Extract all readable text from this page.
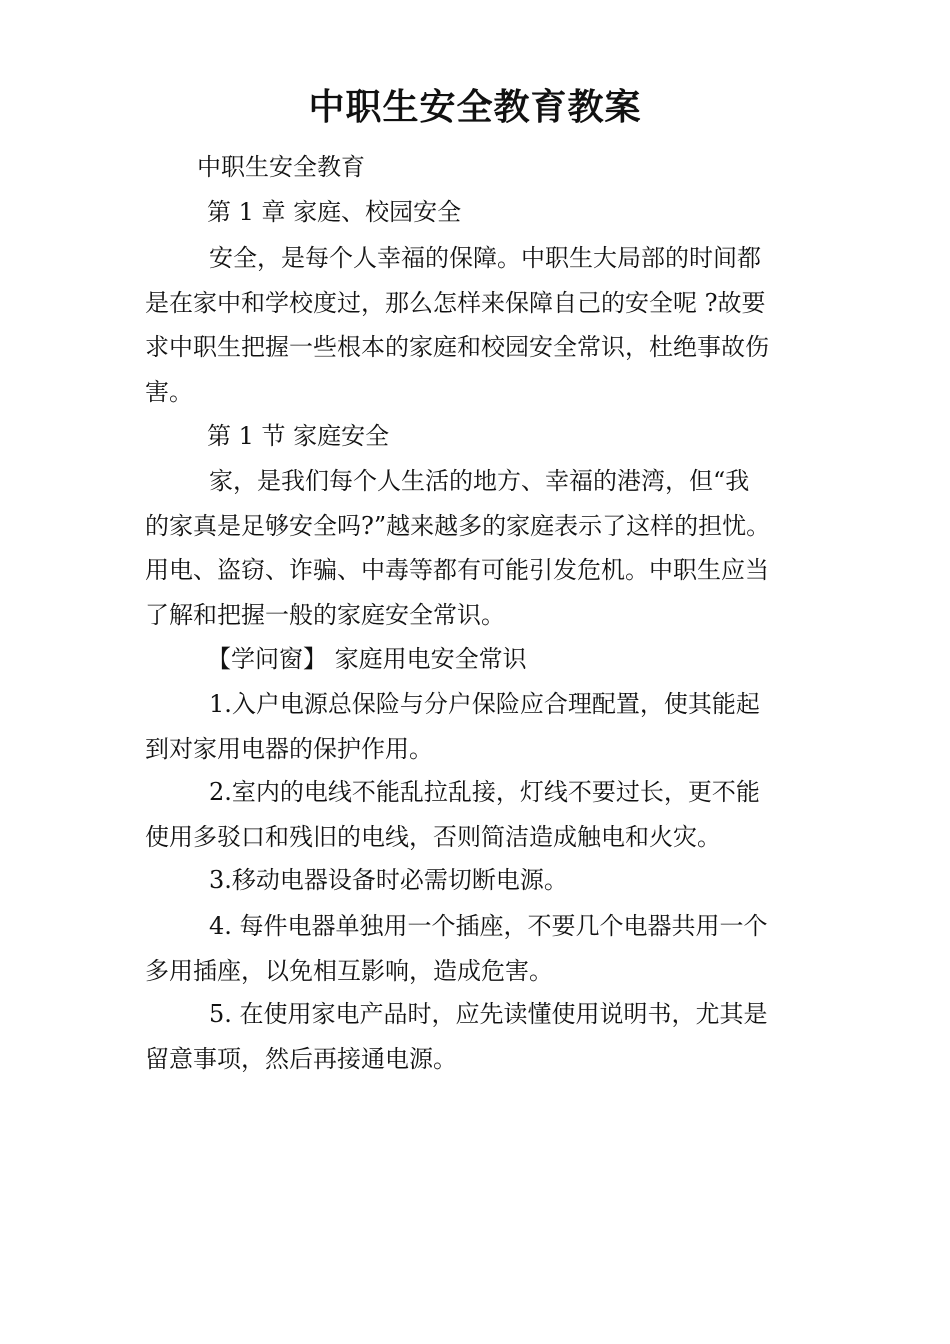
中职生安全教育教案
中职生安全教育
第 1 章 家庭、校园安全
安全，是每个人幸福的保障。中职生大局部的时间都
是在家中和学校度过，那么怎样来保障自己的安全呢 ?故要
求中职生把握一些根本的家庭和校园安全常识，杜绝事故伤
害。
第 1 节 家庭安全
家，是我们每个人生活的地方、幸福的港湾，但“我
的家真是足够安全吗?”越来越多的家庭表示了这样的担忧。
用电、盗窃、诈骗、中毒等都有可能引发危机。中职生应当
了解和把握一般的家庭安全常识。
【学问窗】 家庭用电安全常识
1.入户电源总保险与分户保险应合理配置，使其能起
到对家用电器的保护作用。
2.室内的电线不能乱拉乱接，灯线不要过长，更不能
使用多驳口和残旧的电线，否则简洁造成触电和火灾。
3.移动电器设备时必需切断电源。
4. 每件电器单独用一个插座，不要几个电器共用一个
多用插座，以免相互影响，造成危害。
5. 在使用家电产品时，应先读懂使用说明书，尤其是
留意事项，然后再接通电源。
